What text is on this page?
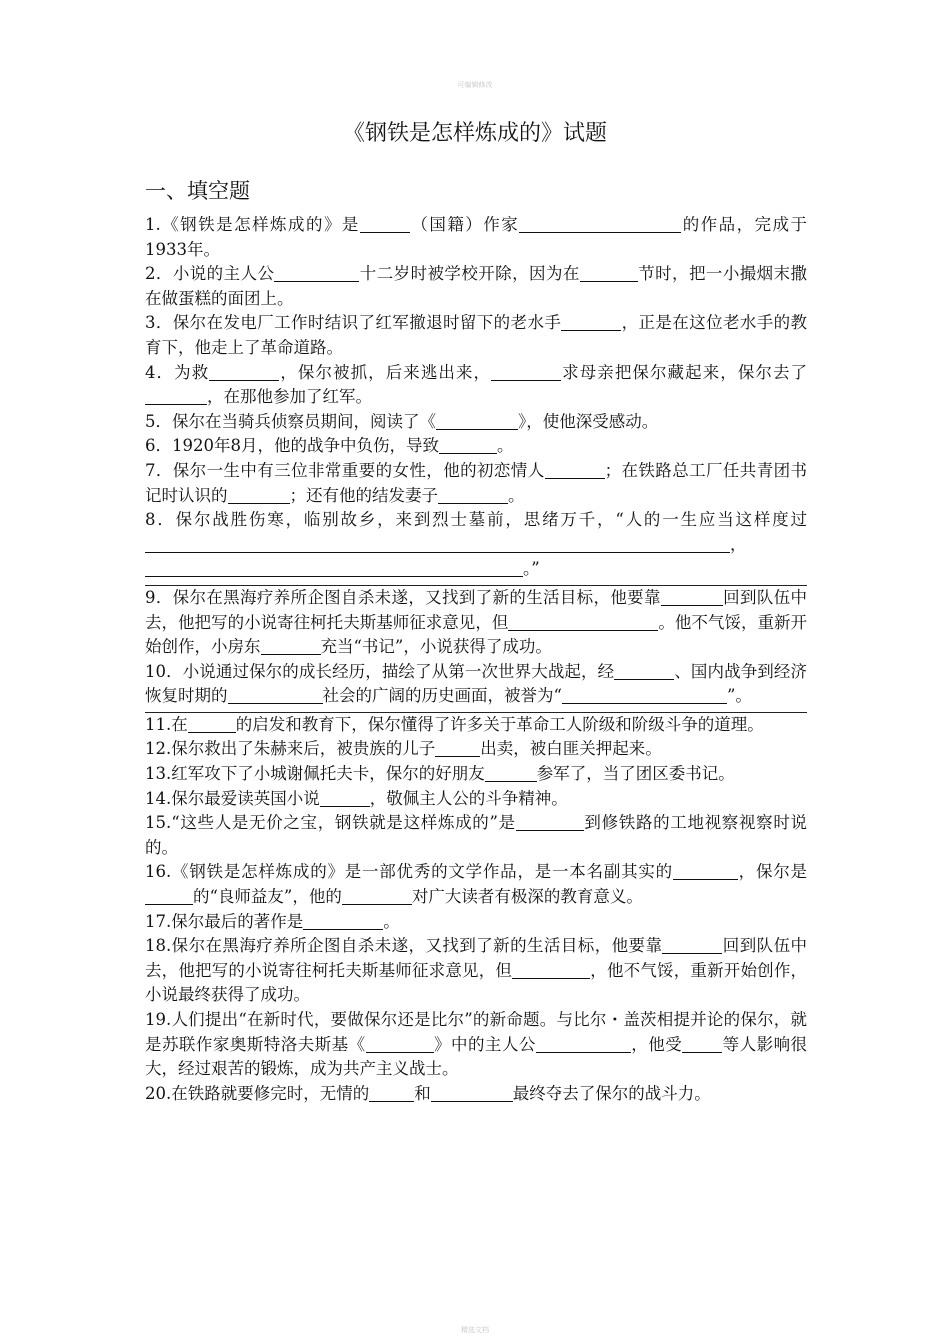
可编辑修改
《钢铁是怎样炼成的》试题
一、填空题

1.《钢铁是怎样炼成的》是	（国籍）作家	的作品，完成于1933年。

2．小说的主人公	十二岁时被学校开除，因为在	节时，把一小撮烟末撒在做蛋糕的面团上。

3．保尔在发电厂工作时结识了红军撤退时留下的老水手	，正是在这位老水手的教育下，他走上了革命道路。

4．为救	，保尔被抓，后来逃出来，	求母亲把保尔藏起来，保尔去了，在那他参加了红军。

5．保尔在当骑兵侦察员期间，阅读了《	》，使他深受感动。

6．1920年8月，他的战争中负伤，导致	。

7．保尔一生中有三位非常重要的女性，他的初恋情人	；在铁路总工厂任共青团书记时认识的	；还有他的结发妻子	。

8．保尔战胜伤寒，临别故乡，来到烈士墓前，思绪万千，“人的一生应当这样度过，
。”

9．保尔在黑海疗养所企图自杀未遂，又找到了新的生活目标，他要靠	回到队伍中去，他把写的小说寄往柯托夫斯基师征求意见，但	。他不气馁，重新开始创作，小房东	充当“书记”，小说获得了成功。

10．小说通过保尔的成长经历，描绘了从第一次世界大战起，经	、国内战争到经济恢复时期的	社会的广阔的历史画面，被誉为“	”。

11.在	的启发和教育下，保尔懂得了许多关于革命工人阶级和阶级斗争的道理。

12.保尔救出了朱赫来后，被贵族的儿子	出卖，被白匪关押起来。

13.红军攻下了小城谢佩托夫卡，保尔的好朋友	参军了，当了团区委书记。

14.保尔最爱读英国小说	，敬佩主人公的斗争精神。

15.“这些人是无价之宝，钢铁就是这样炼成的”是	到修铁路的工地视察视察时说的。

16.《钢铁是怎样炼成的》是一部优秀的文学作品，是一本名副其实的	，保尔是的“良师益友”，他的	对广大读者有极深的教育意义。

17.保尔最后的著作是	。

18.保尔在黑海疗养所企图自杀未遂，又找到了新的生活目标，他要靠	回到队伍中去，他把写的小说寄往柯托夫斯基师征求意见，但	，他不气馁，重新开始创作，小说最终获得了成功。

19.人们提出“在新时代，要做保尔还是比尔”的新命题。与比尔・盖茨相提并论的保尔，就是苏联作家奥斯特洛夫斯基《	》中的主人公	，他受 等人影响很大，经过艰苦的锻炼，成为共产主义战士。

20.在铁路就要修完时，无情的	和	最终夺去了保尔的战斗力。

精选文档
